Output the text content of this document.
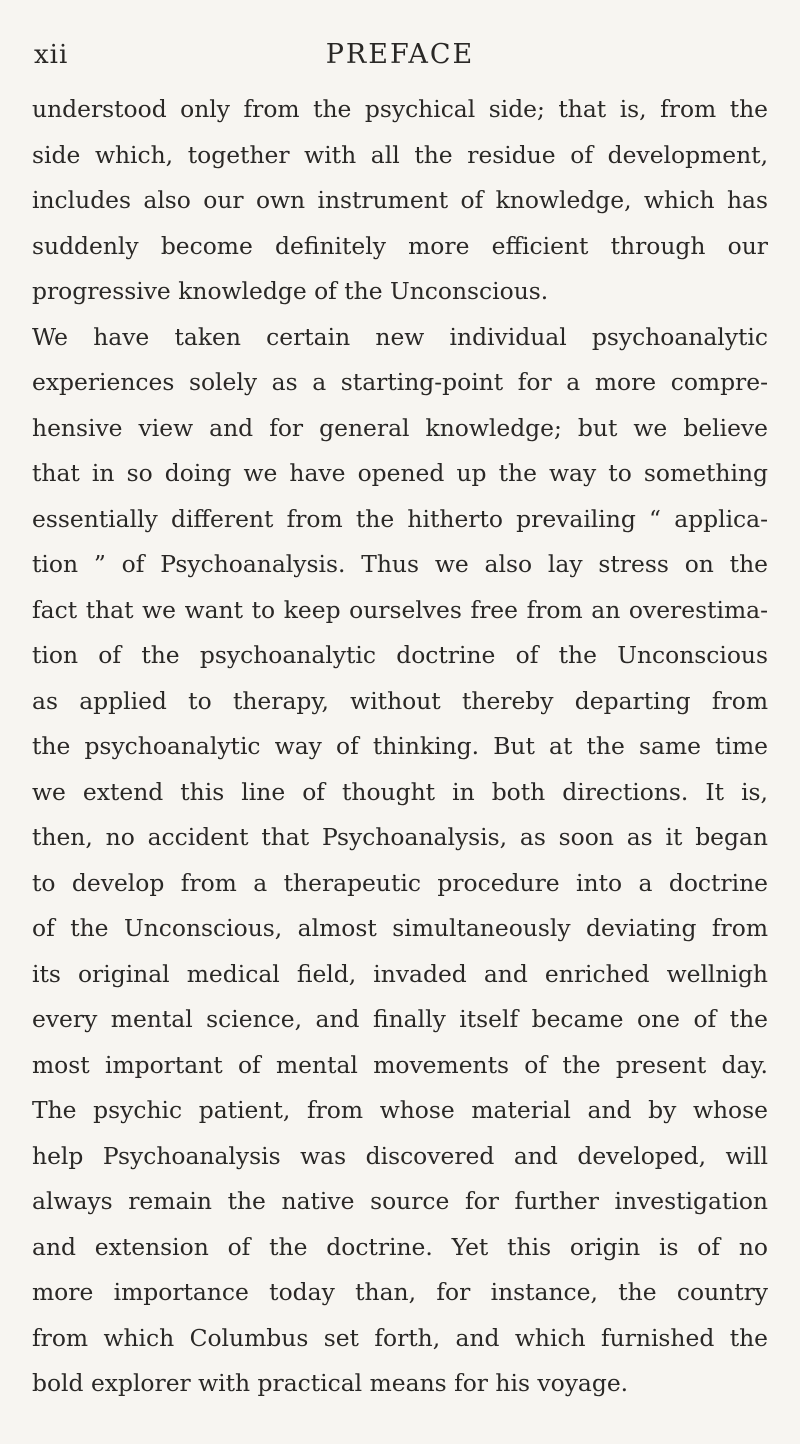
xii	PREFACE
understood only from the psychical side; that is, from the
side which, together with all the residue of development,
includes also our own instrument of knowledge, which has
suddenly become definitely more efficient through our
progressive knowledge of the Unconscious.
We have taken certain new individual psychoanalytic
experiences solely as a starting-point for a more compre-
hensive view and for general knowledge; but we believe
that in so doing we have opened up the way to something
essentially different from the hitherto prevailing “ applica-
tion ” of Psychoanalysis. Thus we also lay stress on the
fact that we want to keep ourselves free from an overestima-
tion of the psychoanalytic doctrine of the Unconscious
as applied to therapy, without thereby departing from
the psychoanalytic way of thinking. But at the same time
we extend this line of thought in both directions. It is,
then, no accident that Psychoanalysis, as soon as it began
to develop from a therapeutic procedure into a doctrine
of the Unconscious, almost simultaneously deviating from
its original medical field, invaded and enriched wellnigh
every mental science, and finally itself became one of the
most important of mental movements of the present day.
The psychic patient, from whose material and by whose
help Psychoanalysis was discovered and developed, will
always remain the native source for further investigation
and extension of the doctrine. Yet this origin is of no
more importance today than, for instance, the country
from which Columbus set forth, and which furnished the
bold explorer with practical means for his voyage.
